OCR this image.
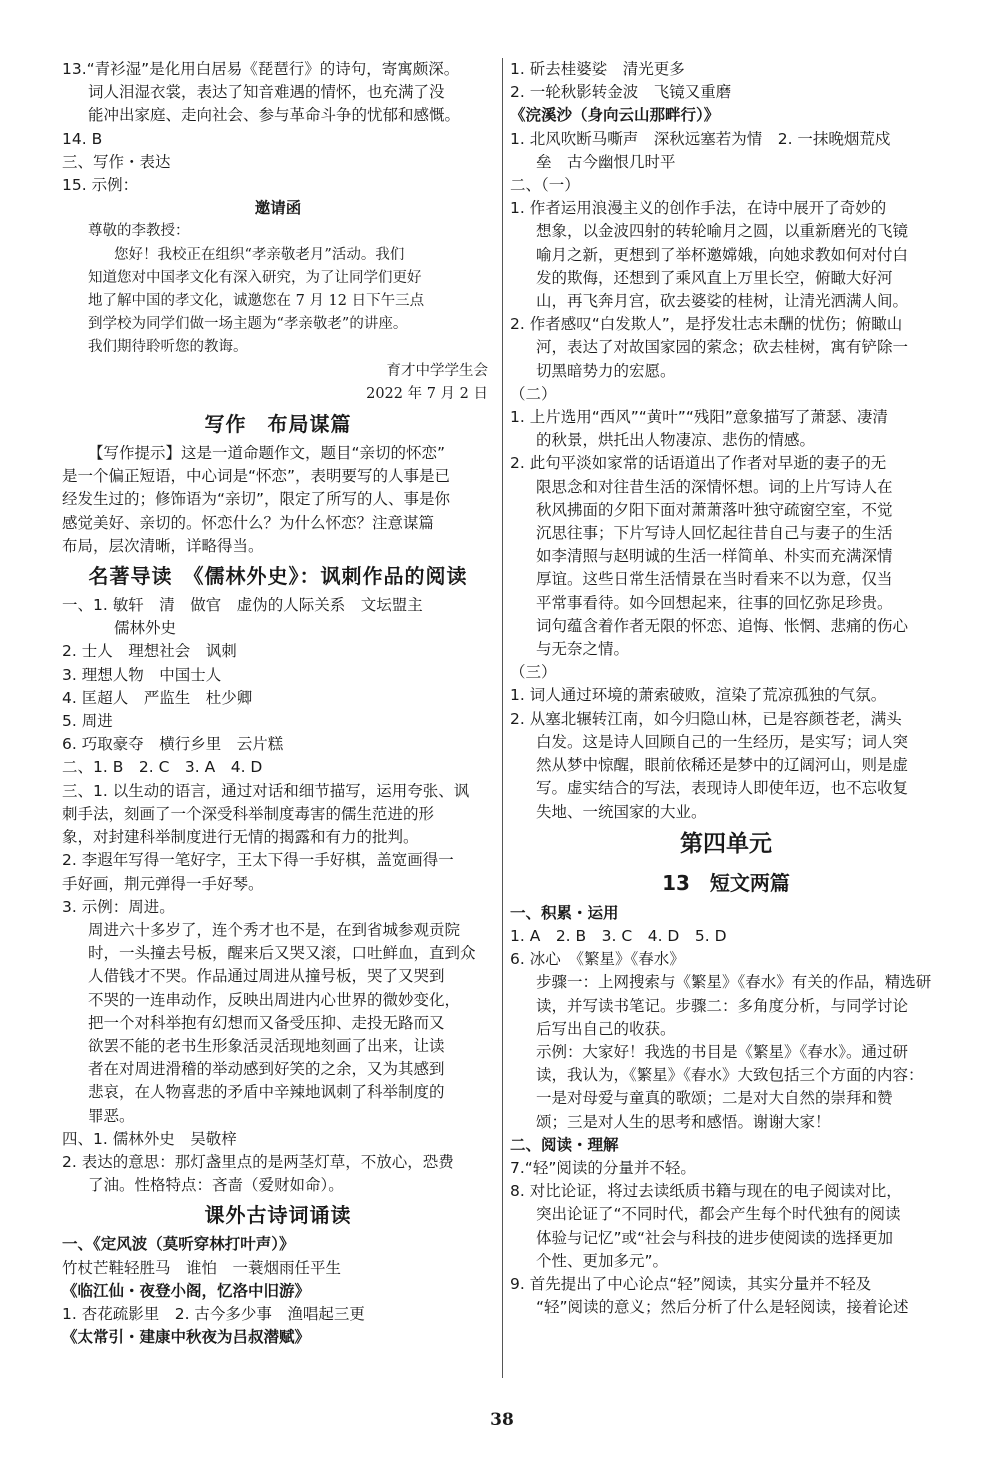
13.“青衫湿”是化用白居易《琵琶行》的诗句，寄寓颇深。
词人泪湿衣裳，表达了知音难遇的情怀，也充满了没
能冲出家庭、走向社会、参与革命斗争的忧郁和感慨。
14. B
三、写作・表达
15. 示例：
邀请函
尊敬的李教授：
您好！我校正在组织“孝亲敬老月”活动。我们
知道您对中国孝文化有深入研究，为了让同学们更好
地了解中国的孝文化，诚邀您在 7 月 12 日下午三点
到学校为同学们做一场主题为“孝亲敬老”的讲座。
我们期待聆听您的教诲。
育才中学学生会
2022 年 7 月 2 日
写作　布局谋篇
【写作提示】这是一道命题作文，题目“亲切的怀恋”
是一个偏正短语，中心词是“怀恋”，表明要写的人事是已
经发生过的；修饰语为“亲切”，限定了所写的人、事是你
感觉美好、亲切的。怀恋什么？为什么怀恋？注意谋篇
布局，层次清晰，详略得当。
名著导读　《儒林外史》：讽刺作品的阅读
一、1. 敏轩　清　做官　虚伪的人际关系　文坛盟主
儒林外史
2. 士人　理想社会　讽刺
3. 理想人物　中国士人
4. 匡超人　严监生　杜少卿
5. 周进
6. 巧取豪夺　横行乡里　云片糕
二、1. B　2. C　3. A　4. D
三、1. 以生动的语言，通过对话和细节描写，运用夸张、讽
刺手法，刻画了一个深受科举制度毒害的儒生范进的形
象，对封建科举制度进行无情的揭露和有力的批判。
2. 李遐年写得一笔好字，王太下得一手好棋，盖宽画得一
手好画，荆元弹得一手好琴。
3. 示例：周进。
周进六十多岁了，连个秀才也不是，在到省城参观贡院
时，一头撞去号板，醒来后又哭又滚，口吐鲜血，直到众
人借钱才不哭。作品通过周进从撞号板，哭了又哭到
不哭的一连串动作，反映出周进内心世界的微妙变化，
把一个对科举抱有幻想而又备受压抑、走投无路而又
欲罢不能的老书生形象活灵活现地刻画了出来，让读
者在对周进滑稽的举动感到好笑的之余，又为其感到
悲哀，在人物喜悲的矛盾中辛辣地讽刺了科举制度的
罪恶。
四、1. 儒林外史　吴敬梓
2. 表达的意思：那灯盏里点的是两茎灯草，不放心，恐费
了油。性格特点：吝啬（爱财如命）。
课外古诗词诵读
一、《定风波（莫听穿林打叶声）》
竹杖芒鞋轻胜马　谁怕　一蓑烟雨任平生
《临江仙・夜登小阁，忆洛中旧游》
1. 杏花疏影里　2. 古今多少事　渔唱起三更
《太常引・建康中秋夜为吕叔潜赋》
1. 斫去桂婆娑　清光更多
2. 一轮秋影转金波　飞镜又重磨
《浣溪沙（身向云山那畔行）》
1. 北风吹断马嘶声　深秋远塞若为情　2. 一抹晚烟荒戍
垒　古今幽恨几时平
二、（一）
1. 作者运用浪漫主义的创作手法，在诗中展开了奇妙的
想象，以金波四射的转轮喻月之圆，以重新磨光的飞镜
喻月之新，更想到了举杯邀嫦娥，向她求教如何对付白
发的欺侮，还想到了乘风直上万里长空，俯瞰大好河
山，再飞奔月宫，砍去婆娑的桂树，让清光洒满人间。
2. 作者感叹“白发欺人”，是抒发壮志未酬的忧伤；俯瞰山
河，表达了对故国家园的萦念；砍去桂树，寓有铲除一
切黑暗势力的宏愿。
（二）
1. 上片选用“西风”“黄叶”“残阳”意象描写了萧瑟、凄清
的秋景，烘托出人物凄凉、悲伤的情感。
2. 此句平淡如家常的话语道出了作者对早逝的妻子的无
限思念和对往昔生活的深情怀想。词的上片写诗人在
秋风拂面的夕阳下面对萧萧落叶独守疏窗空室，不觉
沉思往事；下片写诗人回忆起往昔自己与妻子的生活
如李清照与赵明诚的生活一样简单、朴实而充满深情
厚谊。这些日常生活情景在当时看来不以为意，仅当
平常事看待。如今回想起来，往事的回忆弥足珍贵。
词句蕴含着作者无限的怀恋、追悔、怅惘、悲痛的伤心
与无奈之情。
（三）
1. 词人通过环境的萧索破败，渲染了荒凉孤独的气氛。
2. 从塞北辗转江南，如今归隐山林，已是容颜苍老，满头
白发。这是诗人回顾自己的一生经历，是实写；词人突
然从梦中惊醒，眼前依稀还是梦中的辽阔河山，则是虚
写。虚实结合的写法，表现诗人即使年迈，也不忘收复
失地、一统国家的大业。
第四单元
13　短文两篇
一、积累・运用
1. A　2. B　3. C　4. D　5. D
6. 冰心　《繁星》《春水》
步骤一：上网搜索与《繁星》《春水》有关的作品，精选研
读，并写读书笔记。步骤二：多角度分析，与同学讨论
后写出自己的收获。
示例：大家好！我选的书目是《繁星》《春水》。通过研
读，我认为，《繁星》《春水》大致包括三个方面的内容：
一是对母爱与童真的歌颂；二是对大自然的崇拜和赞
颂；三是对人生的思考和感悟。谢谢大家！
二、阅读・理解
7.“轻”阅读的分量并不轻。
8. 对比论证，将过去读纸质书籍与现在的电子阅读对比，
突出论证了“不同时代，都会产生每个时代独有的阅读
体验与记忆”或“社会与科技的进步使阅读的选择更加
个性、更加多元”。
9. 首先提出了中心论点“轻”阅读，其实分量并不轻及
“轻”阅读的意义；然后分析了什么是轻阅读，接着论述
38
